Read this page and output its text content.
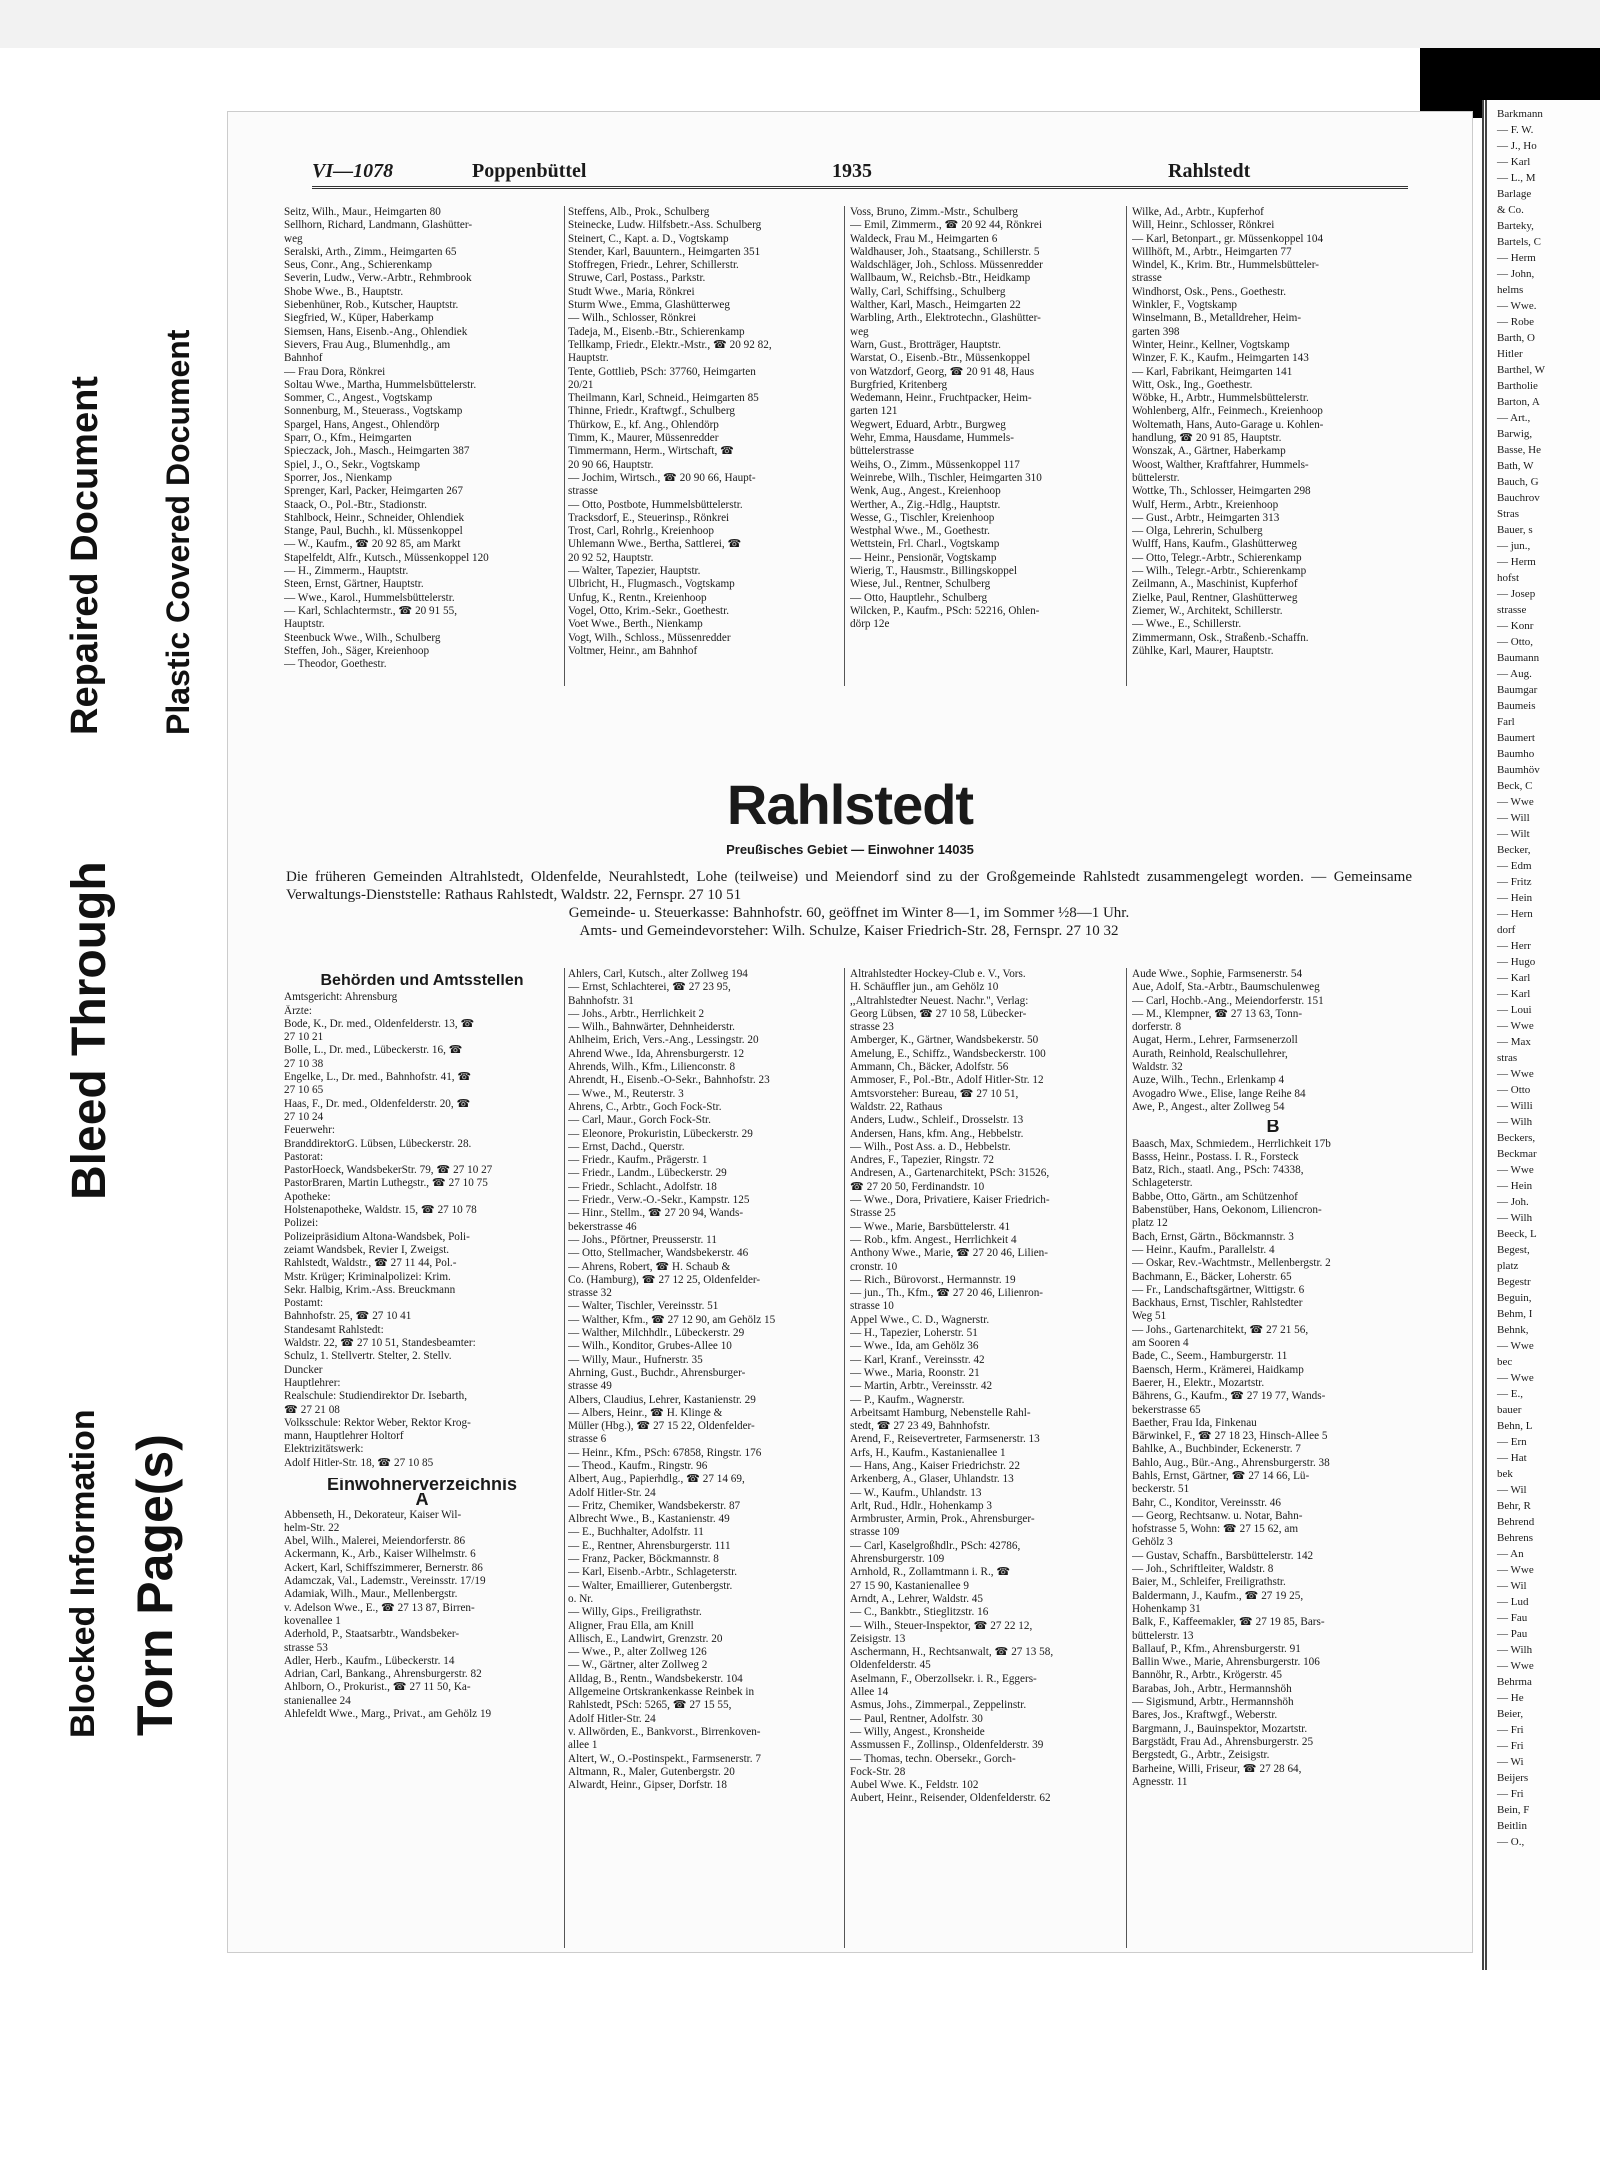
Blocked Information Torn Page(s)
Bleed Through
Repaired Document Plastic Covered Document
VI—1078	Poppenbüttel	1935	Rahlstedt
Seitz, Wilh., Maur., Heimgarten 80
Sellhorn, Richard, Landmann, Glashütter-
weg
Seralski, Arth., Zimm., Heimgarten 65
Seus, Conr., Ang., Schierenkamp
Severin, Ludw., Verw.-Arbtr., Rehmbrook
Shobe Wwe., B., Hauptstr.
Siebenhüner, Rob., Kutscher, Hauptstr.
Siegfried, W., Küper, Haberkamp
Siemsen, Hans, Eisenb.-Ang., Ohlendiek
Sievers, Frau Aug., Blumenhdlg., am
Bahnhof
— Frau Dora, Rönkrei
Soltau Wwe., Martha, Hummelsbüttelerstr.
Sommer, C., Angest., Vogtskamp
Sonnenburg, M., Steuerass., Vogtskamp
Spargel, Hans, Angest., Ohlendörp
Sparr, O., Kfm., Heimgarten
Spieczack, Joh., Masch., Heimgarten 387
Spiel, J., O., Sekr., Vogtskamp
Sporrer, Jos., Nienkamp
Sprenger, Karl, Packer, Heimgarten 267
Staack, O., Pol.-Btr., Stadionstr.
Stahlbock, Heinr., Schneider, Ohlendiek
Stange, Paul, Buchh., kl. Müssenkoppel
— W., Kaufm., ☎ 20 92 85, am Markt
Stapelfeldt, Alfr., Kutsch., Müssenkoppel 120
— H., Zimmerm., Hauptstr.
Steen, Ernst, Gärtner, Hauptstr.
— Wwe., Karol., Hummelsbüttelerstr.
— Karl, Schlachtermstr., ☎ 20 91 55,
Hauptstr.
Steenbuck Wwe., Wilh., Schulberg
Steffen, Joh., Säger, Kreienhoop
— Theodor, Goethestr.
Steffens, Alb., Prok., Schulberg
Steinecke, Ludw. Hilfsbetr.-Ass. Schulberg
Steinert, C., Kapt. a. D., Vogtskamp
Stender, Karl, Bauuntern., Heimgarten 351
Stoffregen, Friedr., Lehrer, Schillerstr.
Struwe, Carl, Postass., Parkstr.
Studt Wwe., Maria, Rönkrei
Sturm Wwe., Emma, Glashütterweg
— Wilh., Schlosser, Rönkrei
Tadeja, M., Eisenb.-Btr., Schierenkamp
Tellkamp, Friedr., Elektr.-Mstr., ☎ 20 92 82,
Hauptstr.
Tente, Gottlieb, PSch: 37760, Heimgarten
20/21
Theilmann, Karl, Schneid., Heimgarten 85
Thinne, Friedr., Kraftwgf., Schulberg
Thürkow, E., kf. Ang., Ohlendörp
Timm, K., Maurer, Müssenredder
Timmermann, Herm., Wirtschaft, ☎
20 90 66, Hauptstr.
— Jochim, Wirtsch., ☎ 20 90 66, Haupt-
strasse
— Otto, Postbote, Hummelsbüttelerstr.
Tracksdorf, E., Steuerinsp., Rönkrei
Trost, Carl, Rohrlg., Kreienhoop
Uhlemann Wwe., Bertha, Sattlerei, ☎
20 92 52, Hauptstr.
— Walter, Tapezier, Hauptstr.
Ulbricht, H., Flugmasch., Vogtskamp
Unfug, K., Rentn., Kreienhoop
Vogel, Otto, Krim.-Sekr., Goethestr.
Voet Wwe., Berth., Nienkamp
Vogt, Wilh., Schloss., Müssenredder
Voltmer, Heinr., am Bahnhof
Voss, Bruno, Zimm.-Mstr., Schulberg
— Emil, Zimmerm., ☎ 20 92 44, Rönkrei
Waldeck, Frau M., Heimgarten 6
Waldhauser, Joh., Staatsang., Schillerstr. 5
Waldschläger, Joh., Schloss. Müssenredder
Wallbaum, W., Reichsb.-Btr., Heidkamp
Wally, Carl, Schiffsing., Schulberg
Walther, Karl, Masch., Heimgarten 22
Warbling, Arth., Elektrotechn., Glashütter-
weg
Warn, Gust., Brotträger, Hauptstr.
Warstat, O., Eisenb.-Btr., Müssenkoppel
von Watzdorf, Georg, ☎ 20 91 48, Haus
Burgfried, Kritenberg
Wedemann, Heinr., Fruchtpacker, Heim-
garten 121
Wegwert, Eduard, Arbtr., Burgweg
Wehr, Emma, Hausdame, Hummels-
büttelerstrasse
Weihs, O., Zimm., Müssenkoppel 117
Weinrebe, Wilh., Tischler, Heimgarten 310
Wenk, Aug., Angest., Kreienhoop
Werther, A., Zig.-Hdlg., Hauptstr.
Wesse, G., Tischler, Kreienhoop
Westphal Wwe., M., Goethestr.
Wettstein, Frl. Charl., Vogtskamp
— Heinr., Pensionär, Vogtskamp
Wierig, T., Hausmstr., Billingskoppel
Wiese, Jul., Rentner, Schulberg
— Otto, Hauptlehr., Schulberg
Wilcken, P., Kaufm., PSch: 52216, Ohlen-
dörp 12e
Wilke, Ad., Arbtr., Kupferhof
Will, Heinr., Schlosser, Rönkrei
— Karl, Betonpart., gr. Müssenkoppel 104
Willhöft, M., Arbtr., Heimgarten 77
Windel, K., Krim. Btr., Hummelsbütteler-
strasse
Windhorst, Osk., Pens., Goethestr.
Winkler, F., Vogtskamp
Winselmann, B., Metalldreher, Heim-
garten 398
Winter, Heinr., Kellner, Vogtskamp
Winzer, F. K., Kaufm., Heimgarten 143
— Karl, Fabrikant, Heimgarten 141
Witt, Osk., Ing., Goethestr.
Wöbke, H., Arbtr., Hummelsbüttelerstr.
Wohlenberg, Alfr., Feinmech., Kreienhoop
Woltemath, Hans, Auto-Garage u. Kohlen-
handlung, ☎ 20 91 85, Hauptstr.
Wonszak, A., Gärtner, Haberkamp
Woost, Walther, Kraftfahrer, Hummels-
büttelerstr.
Wottke, Th., Schlosser, Heimgarten 298
Wulf, Herm., Arbtr., Kreienhoop
— Gust., Arbtr., Heimgarten 313
— Olga, Lehrerin, Schulberg
Wulff, Hans, Kaufm., Glashütterweg
— Otto, Telegr.-Arbtr., Schierenkamp
— Wilh., Telegr.-Arbtr., Schierenkamp
Zeilmann, A., Maschinist, Kupferhof
Zielke, Paul, Rentner, Glashütterweg
Ziemer, W., Architekt, Schillerstr.
— Wwe., E., Schillerstr.
Zimmermann, Osk., Straßenb.-Schaffn.
Zühlke, Karl, Maurer, Hauptstr.
Rahlstedt
Preußisches Gebiet — Einwohner 14035
Die früheren Gemeinden Altrahlstedt, Oldenfelde, Neurahlstedt, Lohe (teilweise) und Meiendorf sind zu der Großgemeinde Rahlstedt zusammengelegt worden. — Gemeinsame Verwaltungs-Dienststelle: Rathaus Rahlstedt, Waldstr. 22, Fernspr. 27 10 51
Gemeinde- u. Steuerkasse: Bahnhofstr. 60, geöffnet im Winter 8—1, im Sommer ½8—1 Uhr.
Amts- und Gemeindevorsteher: Wilh. Schulze, Kaiser Friedrich-Str. 28, Fernspr. 27 10 32
Behörden und Amtsstellen
Amtsgericht: Ahrensburg
Ärzte:
Bode, K., Dr. med., Oldenfelderstr. 13, ☎
27 10 21
Bolle, L., Dr. med., Lübeckerstr. 16, ☎
27 10 38
Engelke, L., Dr. med., Bahnhofstr. 41, ☎
27 10 65
Haas, F., Dr. med., Oldenfelderstr. 20, ☎
27 10 24
Feuerwehr:
BranddirektorG. Lübsen, Lübeckerstr. 28.
Pastorat:
PastorHoeck, WandsbekerStr. 79, ☎ 27 10 27
PastorBraren, Martin Luthegstr., ☎ 27 10 75
Apotheke:
Holstenapotheke, Waldstr. 15, ☎ 27 10 78
Polizei:
Polizeipräsidium Altona-Wandsbek, Poli-
zeiamt Wandsbek, Revier I, Zweigst.
Rahlstedt, Waldstr., ☎ 27 11 44, Pol.-
Mstr. Krüger; Kriminalpolizei: Krim.
Sekr. Halbig, Krim.-Ass. Breuckmann
Postamt:
Bahnhofstr. 25, ☎ 27 10 41
Standesamt Rahlstedt:
Waldstr. 22, ☎ 27 10 51, Standesbeamter:
Schulz, 1. Stellvertr. Stelter, 2. Stellv.
Duncker
Hauptlehrer:
Realschule: Studiendirektor Dr. Isebarth,
☎ 27 21 08
Volksschule: Rektor Weber, Rektor Krog-
mann, Hauptlehrer Holtorf
Elektrizitätswerk:
Adolf Hitler-Str. 18, ☎ 27 10 85
Einwohnerverzeichnis
A
Abbenseth, H., Dekorateur, Kaiser Wil-
helm-Str. 22
Abel, Wilh., Malerei, Meiendorferstr. 86
Ackermann, K., Arb., Kaiser Wilhelmstr. 6
Ackert, Karl, Schiffszimmerer, Bernerstr. 86
Adamczak, Val., Lademstr., Vereinsstr. 17/19
Adamiak, Wilh., Maur., Mellenbergstr.
v. Adelson Wwe., E., ☎ 27 13 87, Birren-
kovenallee 1
Aderhold, P., Staatsarbtr., Wandsbeker-
strasse 53
Adler, Herb., Kaufm., Lübeckerstr. 14
Adrian, Carl, Bankang., Ahrensburgerstr. 82
Ahlborn, O., Prokurist., ☎ 27 11 50, Ka-
stanienallee 24
Ahlefeldt Wwe., Marg., Privat., am Gehölz 19
Ahlers, Carl, Kutsch., alter Zollweg 194
— Ernst, Schlachterei, ☎ 27 23 95,
Bahnhofstr. 31
— Johs., Arbtr., Herrlichkeit 2
— Wilh., Bahnwärter, Dehnheiderstr.
Ahlheim, Erich, Vers.-Ang., Lessingstr. 20
Ahrend Wwe., Ida, Ahrensburgerstr. 12
Ahrends, Wilh., Kfm., Lilienconstr. 8
Ahrendt, H., Eisenb.-O-Sekr., Bahnhofstr. 23
— Wwe., M., Reuterstr. 3
Ahrens, C., Arbtr., Goch Fock-Str.
— Carl, Maur., Gorch Fock-Str.
— Eleonore, Prokuristin, Lübeckerstr. 29
— Ernst, Dachd., Querstr.
— Friedr., Kaufm., Prägerstr. 1
— Friedr., Landm., Lübeckerstr. 29
— Friedr., Schlacht., Adolfstr. 18
— Friedr., Verw.-O.-Sekr., Kampstr. 125
— Hinr., Stellm., ☎ 27 20 94, Wands-
bekerstrasse 46
— Johs., Pförtner, Preusserstr. 11
— Otto, Stellmacher, Wandsbekerstr. 46
— Ahrens, Robert, ☎ H. Schaub &
Co. (Hamburg), ☎ 27 12 25, Oldenfelder-
strasse 32
— Walter, Tischler, Vereinsstr. 51
— Walther, Kfm., ☎ 27 12 90, am Gehölz 15
— Walther, Milchhdlr., Lübeckerstr. 29
— Wilh., Konditor, Grubes-Allee 10
— Willy, Maur., Hufnerstr. 35
Ahrning, Gust., Buchdr., Ahrensburger-
strasse 49
Albers, Claudius, Lehrer, Kastanienstr. 29
— Albers, Heinr., ☎ H. Klinge &
Müller (Hbg.), ☎ 27 15 22, Oldenfelder-
strasse 6
— Heinr., Kfm., PSch: 67858, Ringstr. 176
— Theod., Kaufm., Ringstr. 96
Albert, Aug., Papierhdlg., ☎ 27 14 69,
Adolf Hitler-Str. 24
— Fritz, Chemiker, Wandsbekerstr. 87
Albrecht Wwe., B., Kastanienstr. 49
— E., Buchhalter, Adolfstr. 11
— E., Rentner, Ahrensburgerstr. 111
— Franz, Packer, Böckmannstr. 8
— Karl, Eisenb.-Arbtr., Schlageterstr.
— Walter, Emaillierer, Gutenbergstr.
o. Nr.
— Willy, Gips., Freiligrathstr.
Aligner, Frau Ella, am Knill
Allisch, E., Landwirt, Grenzstr. 20
— Wwe., P., alter Zollweg 126
— W., Gärtner, alter Zollweg 2
Alldag, B., Rentn., Wandsbekerstr. 104
Allgemeine Ortskrankenkasse Reinbek in
Rahlstedt, PSch: 5265, ☎ 27 15 55,
Adolf Hitler-Str. 24
v. Allwörden, E., Bankvorst., Birrenkoven-
allee 1
Altert, W., O.-Postinspekt., Farmsenerstr. 7
Altmann, R., Maler, Gutenbergstr. 20
Alwardt, Heinr., Gipser, Dorfstr. 18
Altrahlstedter Hockey-Club e. V., Vors.
H. Schäuffler jun., am Gehölz 10
,,Altrahlstedter Neuest. Nachr.", Verlag:
Georg Lübsen, ☎ 27 10 58, Lübecker-
strasse 23
Amberger, K., Gärtner, Wandsbekerstr. 50
Amelung, E., Schiffz., Wandsbeckerstr. 100
Ammann, Ch., Bäcker, Adolfstr. 56
Ammoser, F., Pol.-Btr., Adolf Hitler-Str. 12
Amtsvorsteher: Bureau, ☎ 27 10 51,
Waldstr. 22, Rathaus
Anders, Ludw., Schleif., Drosselstr. 13
Andersen, Hans, kfm. Ang., Hebbelstr.
— Wilh., Post Ass. a. D., Hebbelstr.
Andres, F., Tapezier, Ringstr. 72
Andresen, A., Gartenarchitekt, PSch: 31526,
☎ 27 20 50, Ferdinandstr. 10
— Wwe., Dora, Privatiere, Kaiser Friedrich-
Strasse 25
— Wwe., Marie, Barsbüttelerstr. 41
— Rob., kfm. Angest., Herrlichkeit 4
Anthony Wwe., Marie, ☎ 27 20 46, Lilien-
cronstr. 10
— Rich., Bürovorst., Hermannstr. 19
— jun., Th., Kfm., ☎ 27 20 46, Lilienron-
strasse 10
Appel Wwe., C. D., Wagnerstr.
— H., Tapezier, Loherstr. 51
— Wwe., Ida, am Gehölz 36
— Karl, Kranf., Vereinsstr. 42
— Wwe., Maria, Roonstr. 21
— Martin, Arbtr., Vereinsstr. 42
— P., Kaufm., Wagnerstr.
Arbeitsamt Hamburg, Nebenstelle Rahl-
stedt, ☎ 27 23 49, Bahnhofstr.
Arend, F., Reisevertreter, Farmsenerstr. 13
Arfs, H., Kaufm., Kastanienallee 1
— Hans, Ang., Kaiser Friedrichstr. 22
Arkenberg, A., Glaser, Uhlandstr. 13
— W., Kaufm., Uhlandstr. 13
Arlt, Rud., Hdlr., Hohenkamp 3
Armbruster, Armin, Prok., Ahrensburger-
strasse 109
— Carl, Kaselgroßhdlr., PSch: 42786,
Ahrensburgerstr. 109
Arnhold, R., Zollamtmann i. R., ☎
27 15 90, Kastanienallee 9
Arndt, A., Lehrer, Waldstr. 45
— C., Bankbtr., Stieglitzstr. 16
— Wilh., Steuer-Inspektor, ☎ 27 22 12,
Zeisigstr. 13
Aschermann, H., Rechtsanwalt, ☎ 27 13 58,
Oldenfelderstr. 45
Aselmann, F., Oberzollsekr. i. R., Eggers-
Allee 14
Asmus, Johs., Zimmerpal., Zeppelinstr.
— Paul, Rentner, Adolfstr. 30
— Willy, Angest., Kronsheide
Assmussen F., Zollinsp., Oldenfelderstr. 39
— Thomas, techn. Obersekr., Gorch-
Fock-Str. 28
Aubel Wwe. K., Feldstr. 102
Aubert, Heinr., Reisender, Oldenfelderstr. 62
Aude Wwe., Sophie, Farmsenerstr. 54
Aue, Adolf, Sta.-Arbtr., Baumschulenweg
— Carl, Hochb.-Ang., Meiendorferstr. 151
— M., Klempner, ☎ 27 13 63, Tonn-
dorferstr. 8
Augat, Herm., Lehrer, Farmsenerzoll
Aurath, Reinhold, Realschullehrer,
Waldstr. 32
Auze, Wilh., Techn., Erlenkamp 4
Avogadro Wwe., Elise, lange Reihe 84
Awe, P., Angest., alter Zollweg 54
B
Baasch, Max, Schmiedem., Herrlichkeit 17b
Basss, Heinr., Postass. I. R., Forsteck
Batz, Rich., staatl. Ang., PSch: 74338,
Schlageterstr.
Babbe, Otto, Gärtn., am Schützenhof
Babenstüber, Hans, Oekonom, Liliencron-
platz 12
Bach, Ernst, Gärtn., Böckmannstr. 3
— Heinr., Kaufm., Parallelstr. 4
— Oskar, Rev.-Wachtmstr., Mellenbergstr. 2
Bachmann, E., Bäcker, Loherstr. 65
— Fr., Landschaftsgärtner, Wittigstr. 6
Backhaus, Ernst, Tischler, Rahlstedter
Weg 51
— Johs., Gartenarchitekt, ☎ 27 21 56,
am Sooren 4
Bade, C., Seem., Hamburgerstr. 11
Baensch, Herm., Krämerei, Haidkamp
Baerer, H., Elektr., Mozartstr.
Bährens, G., Kaufm., ☎ 27 19 77, Wands-
bekerstrasse 65
Baether, Frau Ida, Finkenau
Bärwinkel, F., ☎ 27 18 23, Hinsch-Allee 5
Bahlke, A., Buchbinder, Eckenerstr. 7
Bahlo, Aug., Bür.-Ang., Ahrensburgerstr. 38
Bahls, Ernst, Gärtner, ☎ 27 14 66, Lü-
beckerstr. 51
Bahr, C., Konditor, Vereinsstr. 46
— Georg, Rechtsanw. u. Notar, Bahn-
hofstrasse 5, Wohn: ☎ 27 15 62, am
Gehölz 3
— Gustav, Schaffn., Barsbüttelerstr. 142
— Joh., Schriftleiter, Waldstr. 8
Baier, M., Schleifer, Freiligrathstr.
Baldermann, J., Kaufm., ☎ 27 19 25,
Hohenkamp 31
Balk, F., Kaffeemakler, ☎ 27 19 85, Bars-
büttelerstr. 13
Ballauf, P., Kfm., Ahrensburgerstr. 91
Ballin Wwe., Marie, Ahrensburgerstr. 106
Bannöhr, R., Arbtr., Krögerstr. 45
Barabas, Joh., Arbtr., Hermannshöh
— Sigismund, Arbtr., Hermannshöh
Bares, Jos., Kraftwgf., Weberstr.
Bargmann, J., Bauinspektor, Mozartstr.
Bargstädt, Frau Ad., Ahrensburgerstr. 25
Bergstedt, G., Arbtr., Zeisigstr.
Barheine, Willi, Friseur, ☎ 27 28 64,
Agnesstr. 11
Barkmann
— F. W.
— J., Ho
— Karl
— L., M
Barlage
& Co.
Barteky,
Bartels, C
— Herm
— John,
helms
— Wwe.
— Robe
Barth, O
Hitler
Barthel, W
Bartholie
Barton, A
— Art.,
Barwig,
Basse, He
Bath, W
Bauch, G
Bauchrov
Stras
Bauer, s
— jun.,
— Herm
hofst
— Josep
strasse
— Konr
— Otto,
Baumann
— Aug.
Baumgar
Baumeis
Farl
Baumert
Baumho
Baumhöv
Beck, C
— Wwe
— Will
— Wilt
Becker,
— Edm
— Fritz
— Hein
— Hern
dorf
— Herr
— Hugo
— Karl
— Karl
— Loui
— Wwe
— Max
stras
— Wwe
— Otto
— Willi
— Wilh
Beckers,
Beckmar
— Wwe
— Hein
— Joh.
— Wilh
Beeck, L
Begest,
platz
Begestr
Beguin,
Behm, I
Behnk,
— Wwe
bec
— Wwe
— E.,
bauer
Behn, L
— Ern
— Hat
bek
— Wil
Behr, R
Behrend
Behrens
— An
— Wwe
— Wil
— Lud
— Fau
— Pau
— Wilh
— Wwe
Behrma
— He
Beier,
— Fri
— Fri
— Wi
Beijers
— Fri
Bein, F
Beitlin
— O.,
